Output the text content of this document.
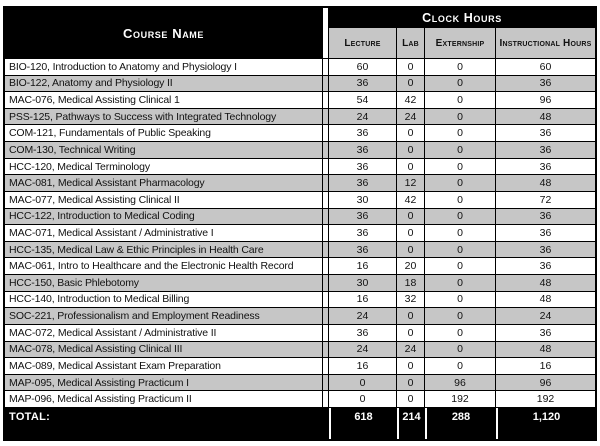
Course Name
Clock Hours
Lecture	Lab	Externship	Instructional Hours
BIO-120, Introduction to Anatomy and Physiology I	60	0	0	60
BIO-122, Anatomy and Physiology II	36	0	0	36
MAC-076, Medical Assisting Clinical 1	54	42	0	96
PSS-125, Pathways to Success with Integrated Technology	24	24	0	48
COM-121, Fundamentals of Public Speaking	36	0	0	36
COM-130, Technical Writing	36	0	0	36
HCC-120, Medical Terminology	36	0	0	36
MAC-081, Medical Assistant Pharmacology	36	12	0	48
MAC-077, Medical Assisting Clinical II	30	42	0	72
HCC-122, Introduction to Medical Coding	36	0	0	36
MAC-071, Medical Assistant / Administrative I	36	0	0	36
HCC-135, Medical Law & Ethic Principles in Health Care	36	0	0	36
MAC-061, Intro to Healthcare and the Electronic Health Record	16	20	0	36
HCC-150, Basic Phlebotomy	30	18	0	48
HCC-140, Introduction to Medical Billing	16	32	0	48
SOC-221, Professionalism and Employment Readiness	24	0	0	24
MAC-072, Medical Assistant / Administrative II	36	0	0	36
MAC-078, Medical Assisting Clinical III	24	24	0	48
MAC-089, Medical Assistant Exam Preparation	16	0	0	16
MAP-095, Medical Assisting Practicum I	0	0	96	96
MAP-096, Medical Assisting Practicum II	0	0	192	192
TOTAL:	618	214	288	1,120
